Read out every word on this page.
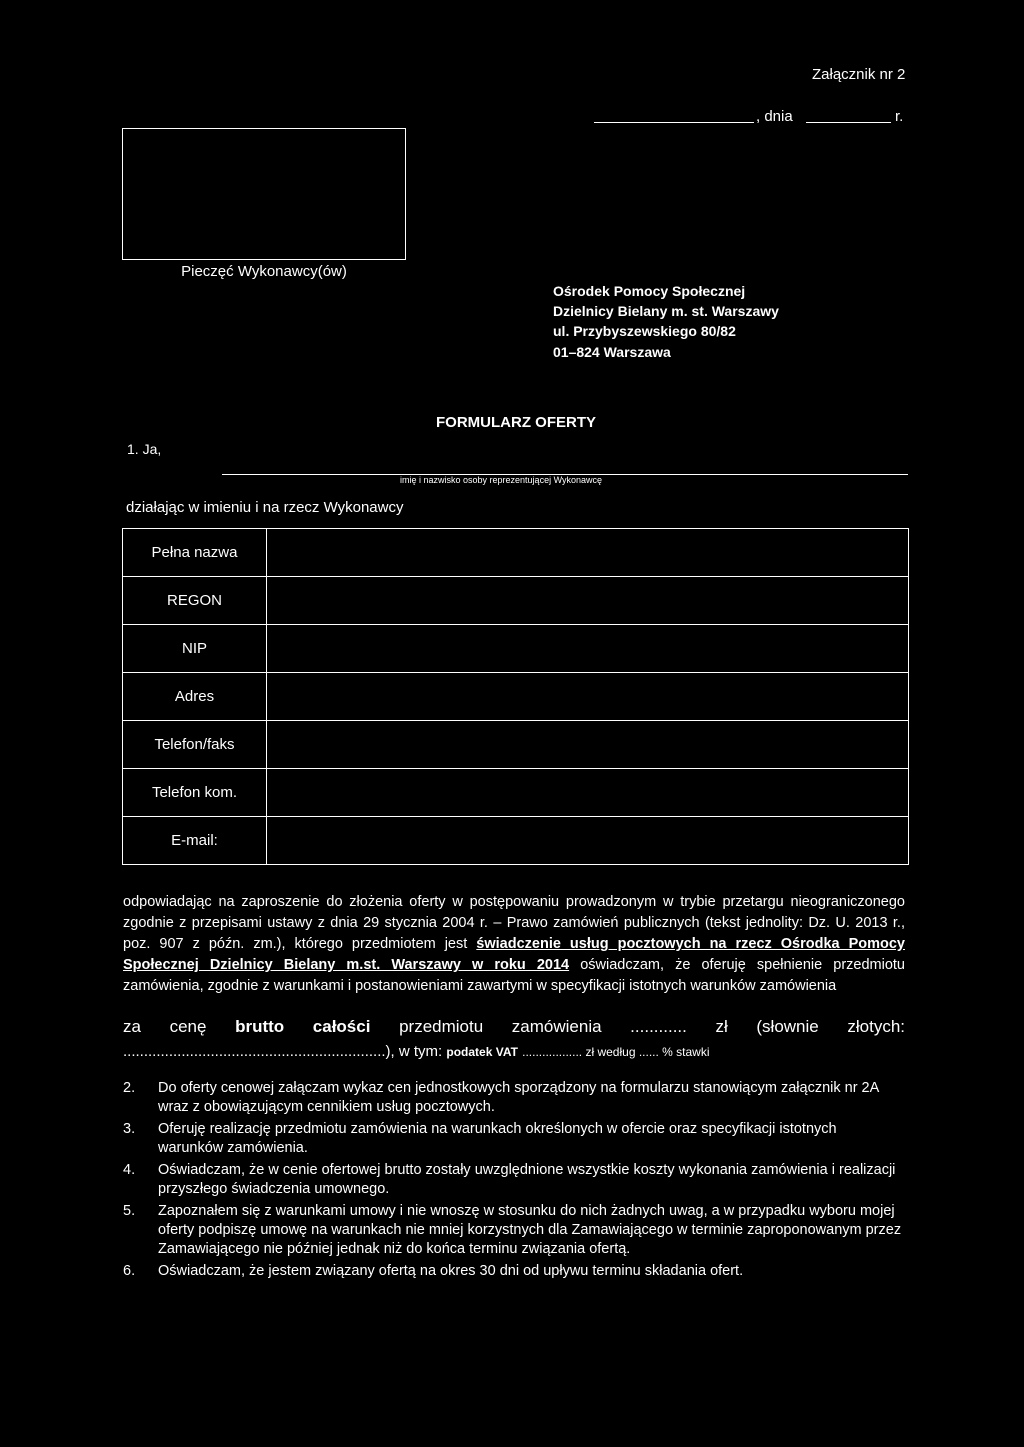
Załącznik nr 2
, dnia	r.
Pieczęć Wykonawcy(ów)
Ośrodek Pomocy Społecznej
Dzielnicy Bielany m. st. Warszawy
ul. Przybyszewskiego 80/82
01–824 Warszawa
FORMULARZ OFERTY
1. Ja,
imię i nazwisko osoby reprezentującej Wykonawcę
działając w imieniu i na rzecz Wykonawcy
Pełna nazwa	
REGON	
NIP	
Adres	
Telefon/faks	
Telefon kom.	
E-mail:	
odpowiadając na zaproszenie do złożenia oferty w postępowaniu prowadzonym w trybie przetargu nieograniczonego zgodnie z przepisami ustawy z dnia 29 stycznia 2004 r. – Prawo zamówień publicznych (tekst jednolity: Dz. U. 2013 r., poz. 907 z późn. zm.), którego przedmiotem jest świadczenie usług pocztowych na rzecz Ośrodka Pomocy Społecznej Dzielnicy Bielany m.st. Warszawy w roku 2014 oświadczam, że oferuję spełnienie przedmiotu zamówienia, zgodnie z warunkami i postanowieniami zawartymi w specyfikacji istotnych warunków zamówienia
za cenę brutto całości przedmiotu zamówienia ............ zł (słownie złotych:
...............................................................), w tym: podatek VAT .................. zł według ...... % stawki
2.	Do oferty cenowej załączam wykaz cen jednostkowych sporządzony na formularzu stanowiącym załącznik nr 2A wraz z obowiązującym cennikiem usług pocztowych.
3.	Oferuję realizację przedmiotu zamówienia na warunkach określonych w ofercie oraz specyfikacji istotnych warunków zamówienia.
4.	Oświadczam, że w cenie ofertowej brutto zostały uwzględnione wszystkie koszty wykonania zamówienia i realizacji przyszłego świadczenia umownego.
5.	Zapoznałem się z warunkami umowy i nie wnoszę w stosunku do nich żadnych uwag, a w przypadku wyboru mojej oferty podpiszę umowę na warunkach nie mniej korzystnych dla Zamawiającego w terminie zaproponowanym przez Zamawiającego nie później jednak niż do końca terminu związania ofertą.
6.	Oświadczam, że jestem związany ofertą na okres 30 dni od upływu terminu składania ofert.
